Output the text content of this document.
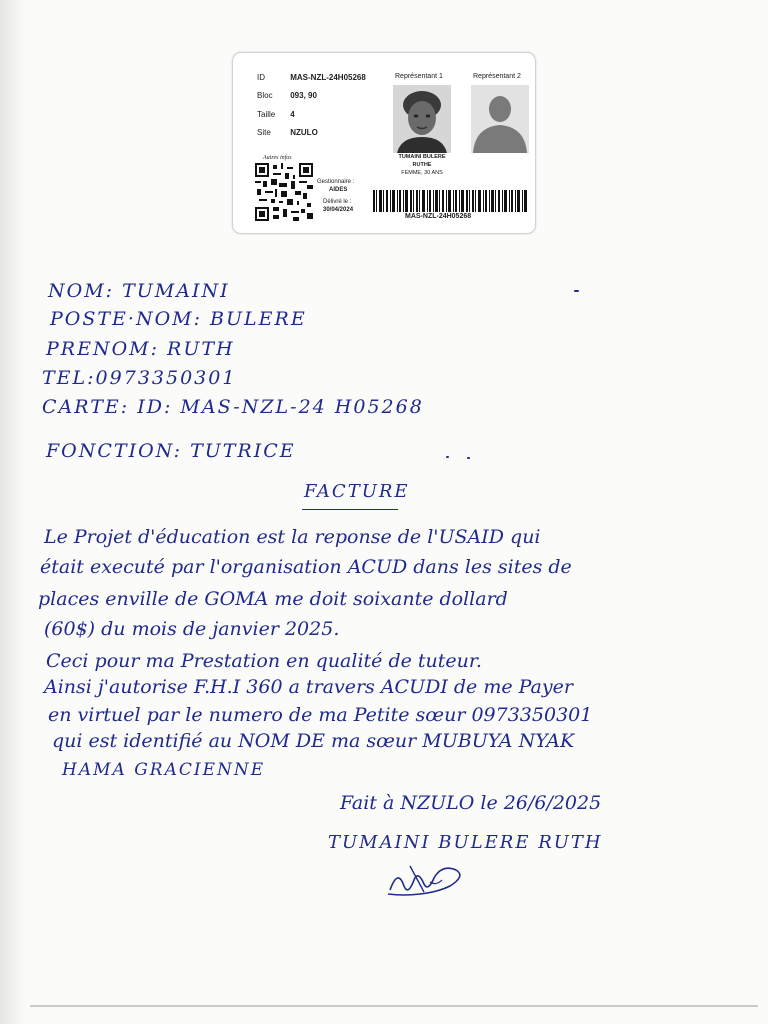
ID	MAS-NZL-24H05268
Bloc 093, 90
Taille 4
Site NZULO
Représentant 1	Représentant 2
TUMAINI BULERE
RUTHE
FEMME, 30 ANS
Autres infos
Gestionnaire :
AIDES
Délivré le :
30/04/2024
MAS-NZL-24H05268
NOM: TUMAINI
POSTE·NOM: BULERE
PRENOM: RUTH
TEL:0973350301
CARTE: ID: MAS-NZL-24 H05268
FONCTION: TUTRICE
FACTURE
Le Projet d'éducation est la reponse de l'USAID qui
était executé par l'organisation ACUD dans les sites de
places enville de GOMA me doit soixante dollard
(60$) du mois de janvier 2025.
Ceci pour ma Prestation en qualité de tuteur.
Ainsi j'autorise F.H.I 360 a travers ACUDI de me Payer
en virtuel par le numero de ma Petite sœur 0973350301
qui est identifié au NOM DE ma sœur MUBUYA NYAK
HAMA GRACIENNE
Fait à NZULO le 26/6/2025
TUMAINI BULERE RUTH
